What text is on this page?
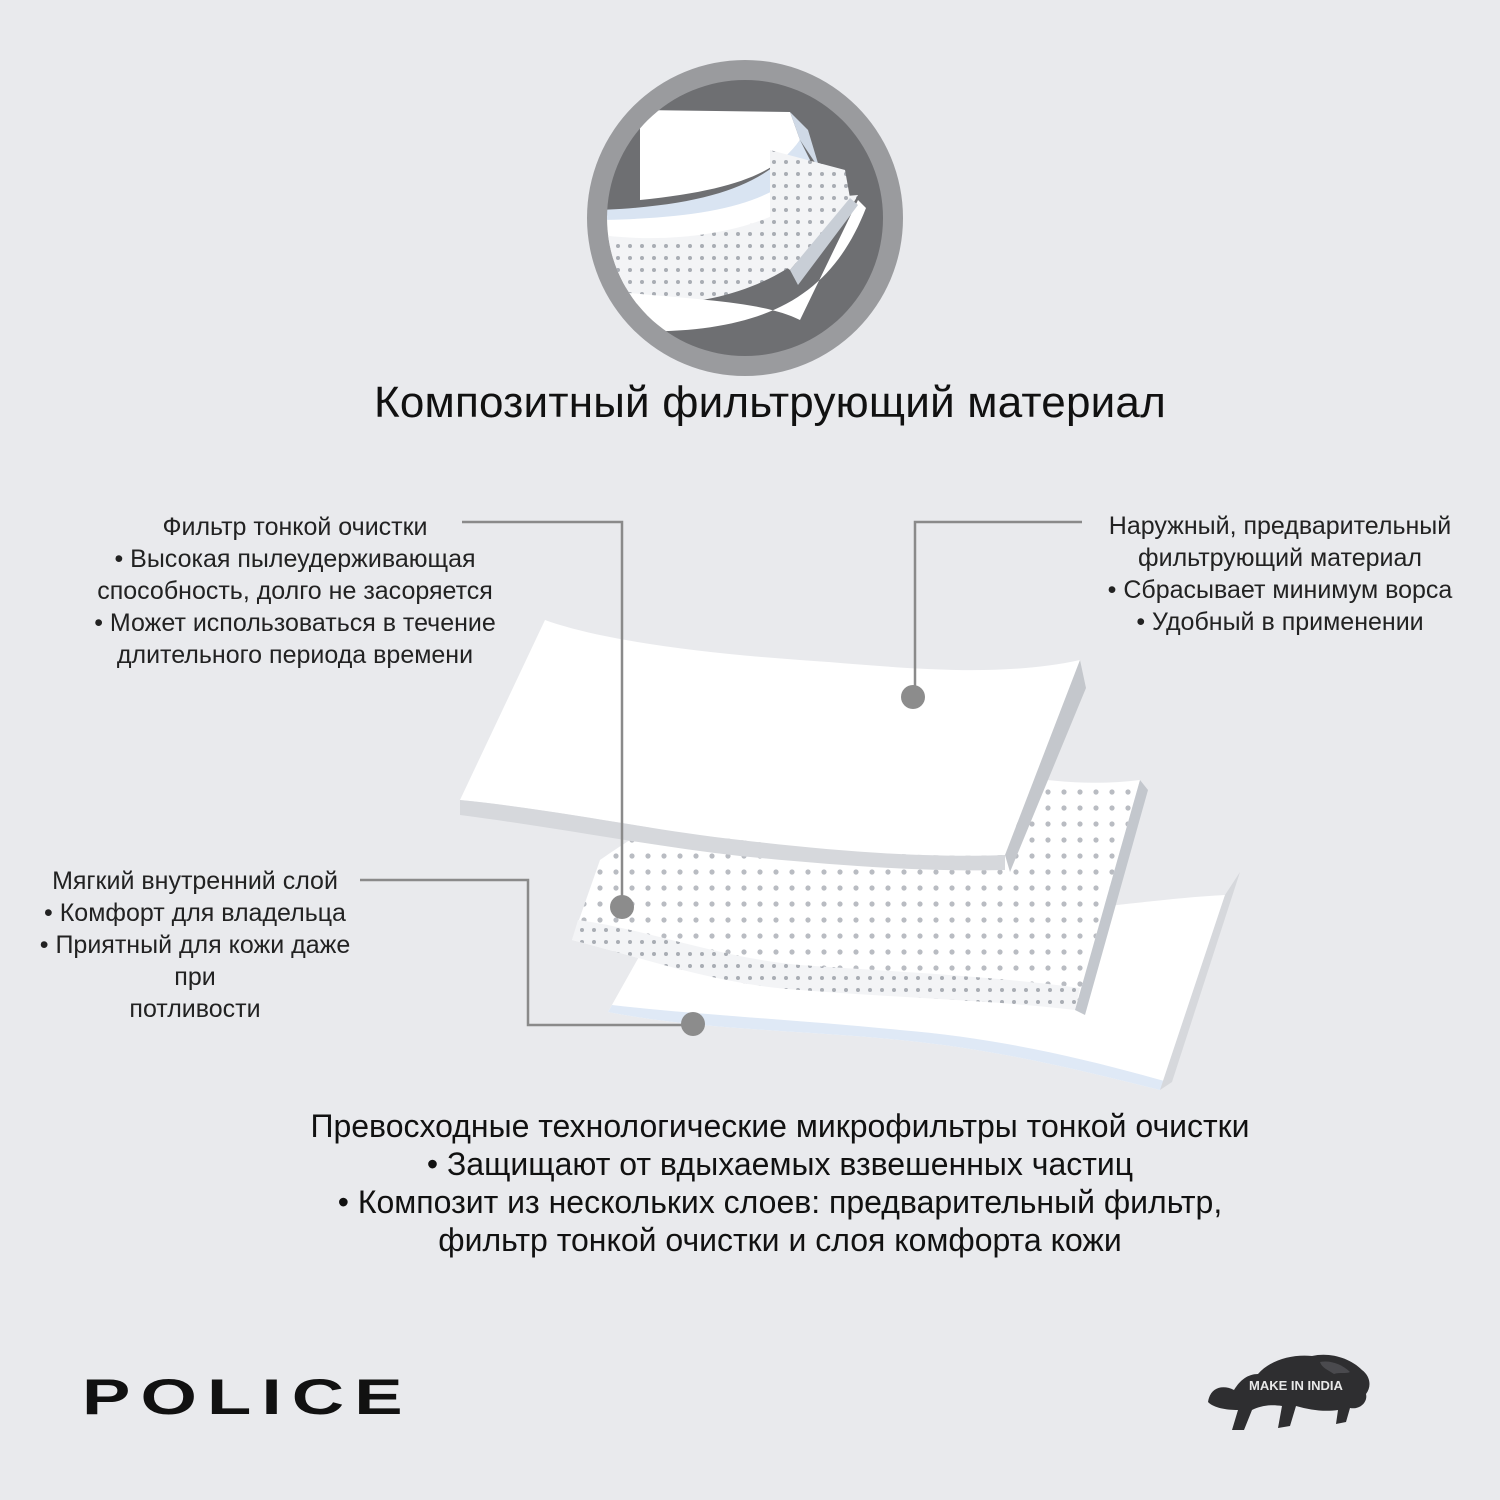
Композитный фильтрующий материал
Фильтр тонкой очистки
• Высокая пылеудерживающая
способность, долго не засоряется
• Может использоваться в течение
длительного периода времени
Наружный, предварительный
фильтрующий материал
• Сбрасывает минимум ворса
• Удобный в применении
Мягкий внутренний слой
• Комфорт для владельца
• Приятный для кожи даже
при
потливости
Превосходные технологические микрофильтры тонкой очистки
• Защищают от вдыхаемых взвешенных частиц
• Композит из нескольких слоев: предварительный фильтр,
фильтр тонкой очистки и слоя комфорта кожи
POLICE	MAKE IN INDIA
